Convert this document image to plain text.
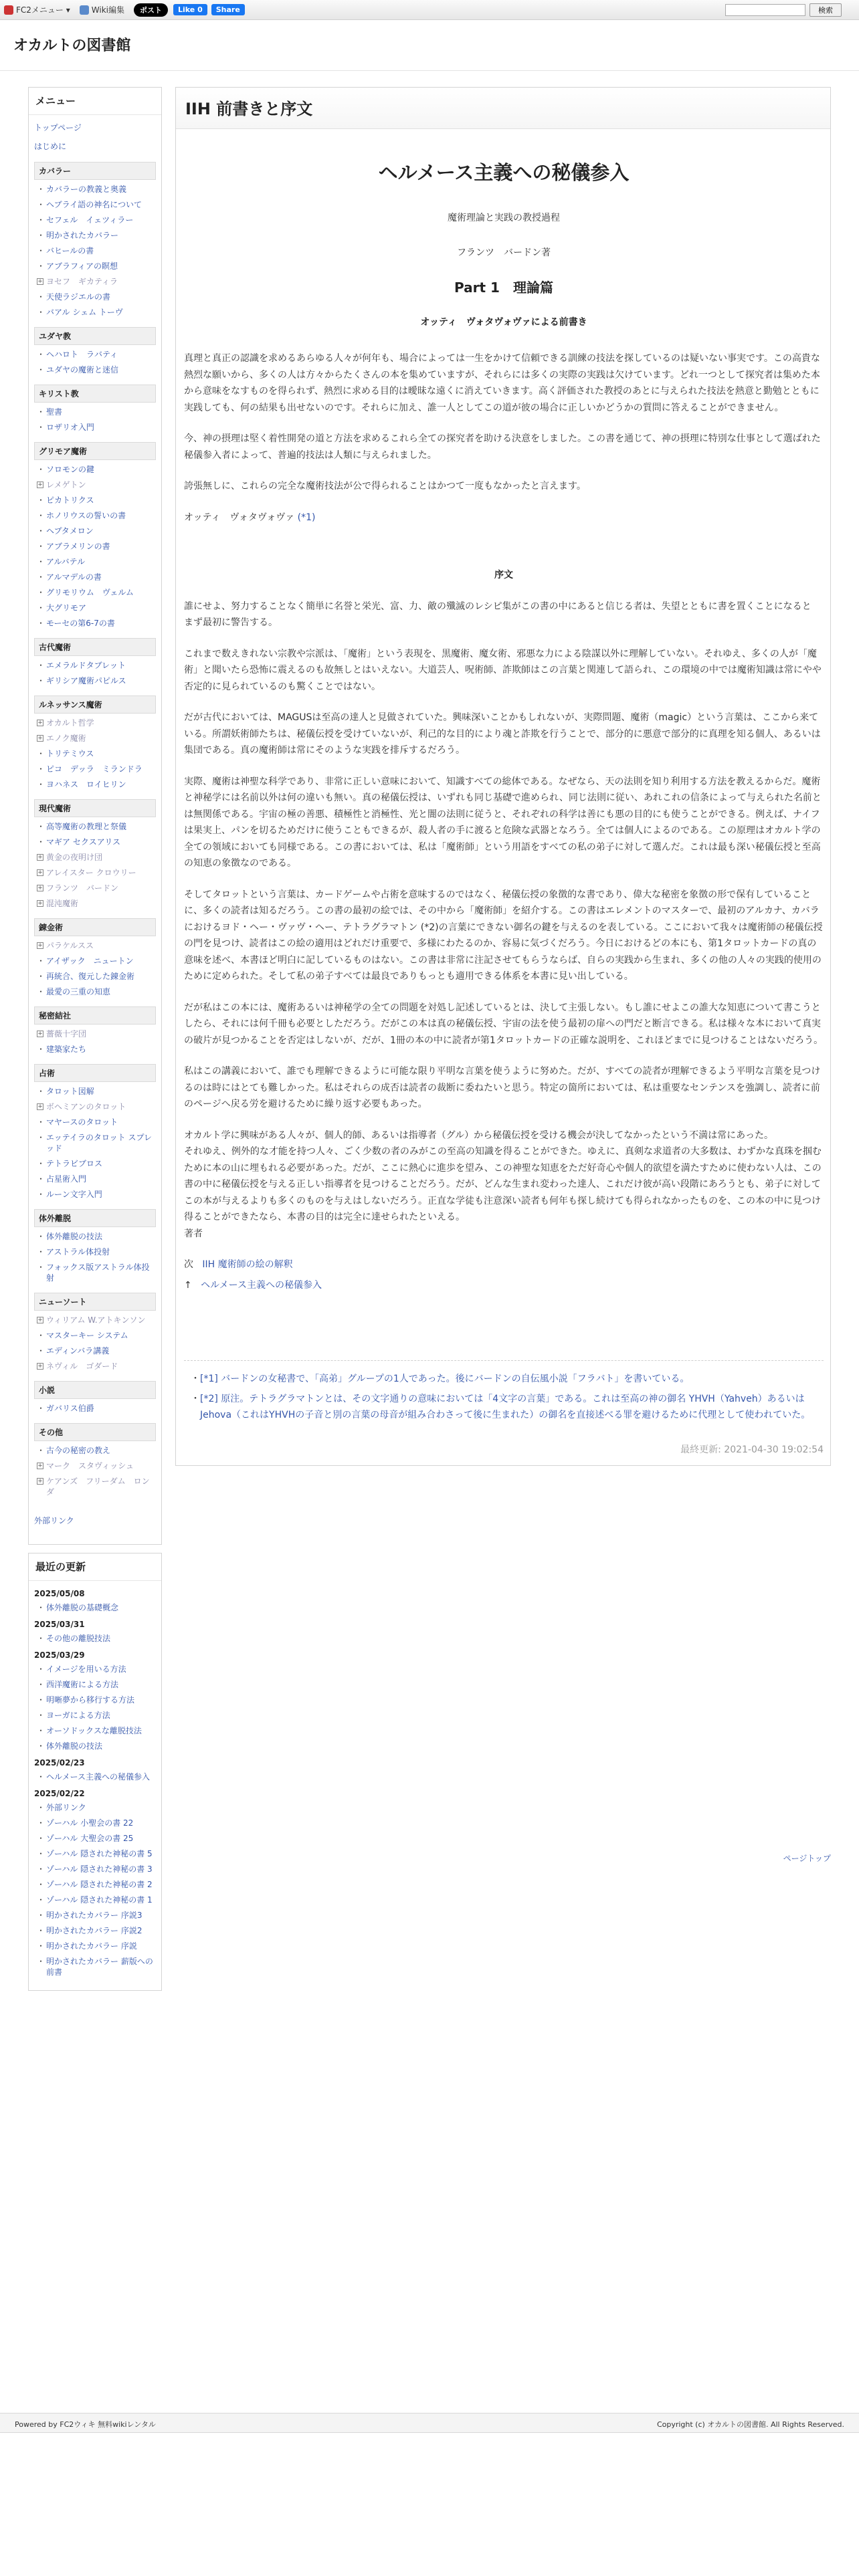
FC2メニュー ▾	Wiki編集	ポスト	Like 0	Share	検索
オカルトの図書館
メニュー
トップページ
はじめに
カバラー
・ カバラーの教義と奥義
・ ヘブライ語の神名について
・ セフェル　イェツィラー
・ 明かされたカバラー
・ バヒールの書
・ アブラフィアの瞑想
+ ヨセフ　ギカティラ
・ 天使ラジエルの書
・ バアル シェム トーヴ
ユダヤ教
・ ヘハロト　ラバティ
・ ユダヤの魔術と迷信
キリスト教
・ 聖書
・ ロザリオ入門
グリモア魔術
・ ソロモンの鍵
+ レメゲトン
・ ピカトリクス
・ ホノリウスの誓いの書
・ ヘプタメロン
・ アブラメリンの書
・ アルバテル
・ アルマデルの書
・ グリモリウム　ヴェルム
・ 大グリモア
・ モーセの第6-7の書
古代魔術
・ エメラルドタブレット
・ ギリシア魔術パピルス
ルネッサンス魔術
+ オカルト哲学
+ エノク魔術
・ トリテミウス
・ ピコ　デッラ　ミランドラ
・ ヨハネス　ロイヒリン
現代魔術
・ 高等魔術の教理と祭儀
・ マギア セクスアリス
+ 黄金の夜明け団
+ アレイスター クロウリー
+ フランツ　バードン
+ 混沌魔術
錬金術
+ パラケルスス
・ アイザック　ニュートン
・ 再統合、復元した錬金術
・ 最愛の三重の知恵
秘密結社
+ 薔薇十字団
・ 建築家たち
占術
・ タロット図解
+ ボヘミアンのタロット
・ マヤースのタロット
・ エッテイラのタロット スプレッド
・ テトラビブロス
・ 占星術入門
・ ルーン文字入門
体外離脱
・ 体外離脱の技法
・ アストラル体投射
・ フォックス版アストラル体投射
ニューソート
+ ウィリアム W.アトキンソン
・ マスターキー システム
・ エディンバラ講義
+ ネヴィル　ゴダード
小説
・ ガバリス伯爵
その他
・ 古今の秘密の教え
+ マーク　スタヴィッシュ
+ ケアンズ　フリーダム　ロンダ
外部リンク
最近の更新
2025/05/08
・ 体外離脱の基礎概念
2025/03/31
・ その他の離脱技法
2025/03/29
・ イメージを用いる方法
・ 西洋魔術による方法
・ 明晰夢から移行する方法
・ ヨーガによる方法
・ オーソドックスな離脱技法
・ 体外離脱の技法
2025/02/23
・ ヘルメース主義への秘儀参入
2025/02/22
・ 外部リンク
・ ゾーハル 小聖会の書 22
・ ゾーハル 大聖会の書 25
・ ゾーハル 隠された神秘の書 5
・ ゾーハル 隠された神秘の書 3
・ ゾーハル 隠された神秘の書 2
・ ゾーハル 隠された神秘の書 1
・ 明かされたカバラー 序説3
・ 明かされたカバラー 序説2
・ 明かされたカバラー 序説
・ 明かされたカバラー 薪版への前書
IIH 前書きと序文
ヘルメース主義への秘儀参入

魔術理論と実践の教授過程

フランツ　バードン著

Part 1　理論篇
オッティ　ヴォタヴォヴァによる前書き

真理と真正の認識を求めるあらゆる人々が何年も、場合によっては一生をかけて信頼できる訓練の技法を探しているのは疑いない事実です。この高貴な熱烈な願いから、多くの人は方々からたくさんの本を集めていますが、それらには多くの実際の実践は欠けています。どれ一つとして探究者は集めた本から意味をなすものを得られず、熱烈に求める目的は曖昧な遠くに消えていきます。高く評価された教授のあとに与えられた技法を熱意と勤勉とともに実践しても、何の結果も出せないのです。それらに加え、誰一人としてこの道が彼の場合に正しいかどうかの質問に答えることができません。

今、神の摂理は堅く着性開発の道と方法を求めるこれら全ての探究者を助ける決意をしました。この書を通じて、神の摂理に特別な仕事として選ばれた秘儀参入者によって、普遍的技法は人類に与えられました。

誇張無しに、これらの完全な魔術技法が公で得られることはかつて一度もなかったと言えます。

オッティ　ヴォタヴォヴァ (*1)

序文

誰にせよ、努力することなく簡単に名誉と栄光、富、力、敵の殲滅のレシピ集がこの書の中にあると信じる者は、失望とともに書を置くことになると まず最初に警告する。

これまで数えきれない宗教や宗派は、「魔術」という表現を、黒魔術、魔女術、邪悪な力による陰謀以外に理解していない。それゆえ、多くの人が「魔術」と聞いたら恐怖に震えるのも故無しとはいえない。大道芸人、呪術師、詐欺師はこの言葉と関連して語られ、この環境の中では魔術知識は常にやや否定的に見られているのも驚くことではない。

だが古代においては、MAGUSは至高の達人と見做されていた。興味深いことかもしれないが、実際問題、魔術（magic）という言葉は、ここから来ている。所謂妖術師たちは、秘儀伝授を受けていないが、利己的な目的により魂と詐欺を行うことで、部分的に悪意で部分的に真理を知る個人、あるいは集団である。真の魔術師は常にそのような実践を排斥するだろう。

実際、魔術は神聖な科学であり、非常に正しい意味において、知識すべての総体である。なぜなら、天の法則を知り利用する方法を教えるからだ。魔術と神秘学には名前以外は何の違いも無い。真の秘儀伝授は、いずれも同じ基礎で進められ、同じ法則に従い、あれこれの信条によって与えられた名前とは無関係である。宇宙の極の善悪、積極性と消極性、光と闇の法則に従うと、それぞれの科学は善にも悪の目的にも使うことができる。例えば、ナイフは果実上、パンを切るためだけに使うこともできるが、殺人者の手に渡ると危険な武器となろう。全ては個人によるのである。この原理はオカルト学の全ての領域においても同様である。この書においては、私は「魔術師」という用語をすべての私の弟子に対して選んだ。これは最も深い秘儀伝授と至高の知恵の象徴なのである。

そしてタロットという言葉は、カードゲームや占術を意味するのではなく、秘儀伝授の象徴的な書であり、偉大な秘密を象徴の形で保有していることに、多くの読者は知るだろう。この書の最初の絵では、その中から「魔術師」を紹介する。この書はエレメントのマスターで、最初のアルカナ、カバラにおけるヨド・ヘー・ヴァヴ・ヘー、テトラグラマトン (*2)の言葉にできない御名の鍵を与えるのを表している。ここにおいて我々は魔術師の秘儀伝授の門を見つけ、読者はこの絵の適用はどれだけ重要で、多様にわたるのか、容易に気づくだろう。今日におけるどの本にも、第1タロットカードの真の意味を述べ、本書ほど明白に記しているものはない。この書は非常に注記させてもらうならば、自らの実践から生まれ、多くの他の人々の実践的使用のために定められた。そして私の弟子すべては最良でありもっとも適用できる体系を本書に見い出している。

だが私はこの本には、魔術あるいは神秘学の全ての問題を対処し記述しているとは、決して主張しない。もし誰にせよこの誰大な知恵について書こうとしたら、それには何千冊も必要としただろう。だがこの本は真の秘儀伝授、宇宙の法を使う最初の扉への門だと断言できる。私は様々な本において真実の破片が見つかることを否定はしないが、だが、1冊の本の中に読者が第1タロットカードの正確な説明を、これほどまでに見つけることはないだろう。

私はこの講義において、誰でも理解できるように可能な限り平明な言葉を使うように努めた。だが、すべての読者が理解できるよう平明な言葉を見つけるのは時にはとても難しかった。私はそれらの成否は読者の裁断に委ねたいと思う。特定の箇所においては、私は重要なセンテンスを強調し、読者に前のページへ戻る労を避けるために繰り返す必要もあった。

オカルト学に興味がある人々が、個人的師、あるいは指導者（グル）から秘儀伝授を受ける機会が決してなかったという不満は常にあった。

それゆえ、例外的な才能を持つ人々、ごく少数の者のみがこの至高の知識を得ることができた。ゆえに、真剣な求道者の大多数は、わずかな真珠を掴むために本の山に埋もれる必要があった。だが、ここに熱心に進歩を望み、この神聖な知恵をただ好奇心や個人的欲望を満たすために使わない人は、この書の中に秘儀伝授を与える正しい指導者を見つけることだろう。だが、どんな生まれ変わった達人、これだけ彼が高い段階にあろうとも、弟子に対してこの本が与えるよりも多くのものを与えはしないだろう。正直な学徒も注意深い読者も何年も探し続けても得られなかったものを、この本の中に見つけ得ることができたなら、本書の目的は完全に達せられたといえる。

著者

次 IIH 魔術師の絵の解釈
↑ ヘルメース主義への秘儀参入
・ [*1] バードンの女秘書で、「高弟」グループの1人であった。後にバードンの自伝風小説「フラバト」を書いている。
・ [*2] 原注。テトラグラマトンとは、その文字通りの意味においては「4文字の言葉」である。これは至高の神の御名 YHVH（Yahveh）あるいはJehova（これはYHVHの子音と別の言葉の母音が組み合わさって後に生まれた）の御名を直接述べる罪を避けるために代理として使われていた。
最終更新: 2021-04-30 19:02:54
ページトップ
Powered by FC2ウィキ 無料wikiレンタル	Copyright (c) オカルトの図書館. All Rights Reserved.
